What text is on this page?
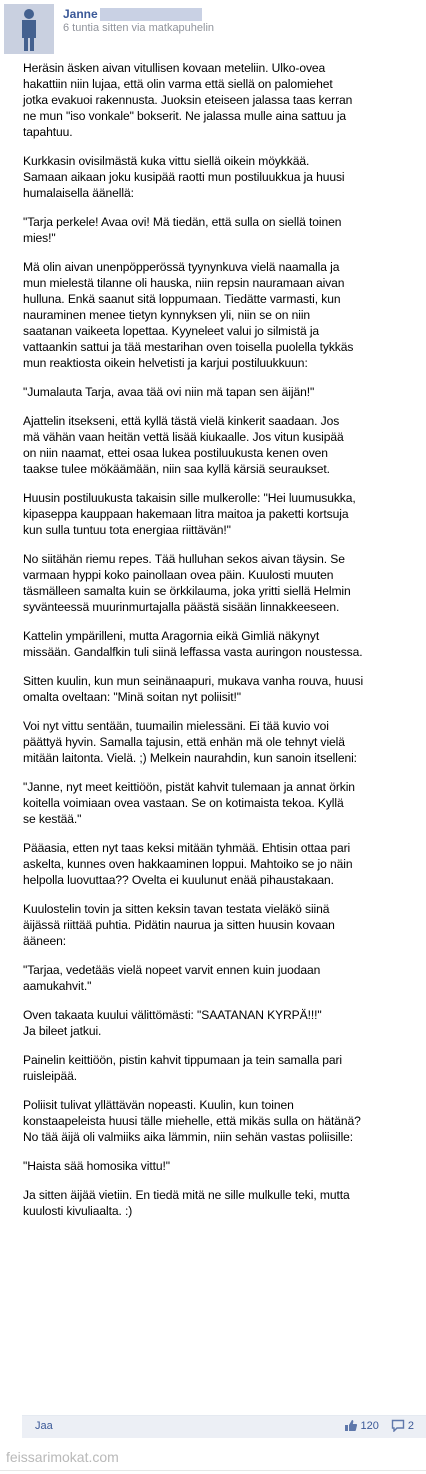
Janne
6 tuntia sitten via matkapuhelin

Heräsin äsken aivan vitullisen kovaan meteliin. Ulko-ovea
hakattiin niin lujaa, että olin varma että siellä on palomiehet
jotka evakuoi rakennusta. Juoksin eteiseen jalassa taas kerran
ne mun "iso vonkale" bokserit. Ne jalassa mulle aina sattuu ja
tapahtuu.

Kurkkasin ovisilmästä kuka vittu siellä oikein möykkää.
Samaan aikaan joku kusipää raotti mun postiluukkua ja huusi
humalaisella äänellä:

"Tarja perkele! Avaa ovi! Mä tiedän, että sulla on siellä toinen
mies!"

Mä olin aivan unenpöpperössä tyynynkuva vielä naamalla ja
mun mielestä tilanne oli hauska, niin repsin nauramaan aivan
hulluna. Enkä saanut sitä loppumaan. Tiedätte varmasti, kun
nauraminen menee tietyn kynnyksen yli, niin se on niin
saatanan vaikeeta lopettaa. Kyyneleet valui jo silmistä ja
vattaankin sattui ja tää mestarihan oven toisella puolella tykkäs
mun reaktiosta oikein helvetisti ja karjui postiluukkuun:

"Jumalauta Tarja, avaa tää ovi niin mä tapan sen äijän!"

Ajattelin itsekseni, että kyllä tästä vielä kinkerit saadaan. Jos
mä vähän vaan heitän vettä lisää kiukaalle. Jos vitun kusipää
on niin naamat, ettei osaa lukea postiluukusta kenen oven
taakse tulee mökäämään, niin saa kyllä kärsiä seuraukset.

Huusin postiluukusta takaisin sille mulkerolle: "Hei luumusukka,
kipaseppa kauppaan hakemaan litra maitoa ja paketti kortsuja
kun sulla tuntuu tota energiaa riittävän!"

No siitähän riemu repes. Tää hulluhan sekos aivan täysin. Se
varmaan hyppi koko painollaan ovea päin. Kuulosti muuten
täsmälleen samalta kuin se örkkilauma, joka yritti siellä Helmin
syvänteessä muurinmurtajalla päästä sisään linnakkeeseen.

Kattelin ympärilleni, mutta Aragornia eikä Gimliä näkynyt
missään. Gandalfkin tuli siinä leffassa vasta auringon noustessa.

Sitten kuulin, kun mun seinänaapuri, mukava vanha rouva, huusi
omalta oveltaan: "Minä soitan nyt poliisit!"

Voi nyt vittu sentään, tuumailin mielessäni. Ei tää kuvio voi
päättyä hyvin. Samalla tajusin, että enhän mä ole tehnyt vielä
mitään laitonta. Vielä. ;) Melkein naurahdin, kun sanoin itselleni:

"Janne, nyt meet keittiöön, pistät kahvit tulemaan ja annat örkin
koitella voimiaan ovea vastaan. Se on kotimaista tekoa. Kyllä
se kestää."

Pääasia, etten nyt taas keksi mitään tyhmää. Ehtisin ottaa pari
askelta, kunnes oven hakkaaminen loppui. Mahtoiko se jo näin
helpolla luovuttaa?? Ovelta ei kuulunut enää pihaustakaan.

Kuulostelin tovin ja sitten keksin tavan testata vieläkö siinä
äijässä riittää puhtia. Pidätin naurua ja sitten huusin kovaan
ääneen:

"Tarjaa, vedetääs vielä nopeet varvit ennen kuin juodaan
aamukahvit."

Oven takaata kuului välittömästi: "SAATANAN KYRPÄ!!!"
Ja bileet jatkui.

Painelin keittiöön, pistin kahvit tippumaan ja tein samalla pari
ruisleipää.

Poliisit tulivat yllättävän nopeasti. Kuulin, kun toinen
konstaapeleista huusi tälle miehelle, että mikäs sulla on hätänä?
No tää äijä oli valmiiks aika lämmin, niin sehän vastas poliisille:

"Haista sää homosika vittu!"

Ja sitten äijää vietiin. En tiedä mitä ne sille mulkulle teki, mutta
kuulosti kivuliaalta. :)

Jaa	120	2
feissarimokat.com
